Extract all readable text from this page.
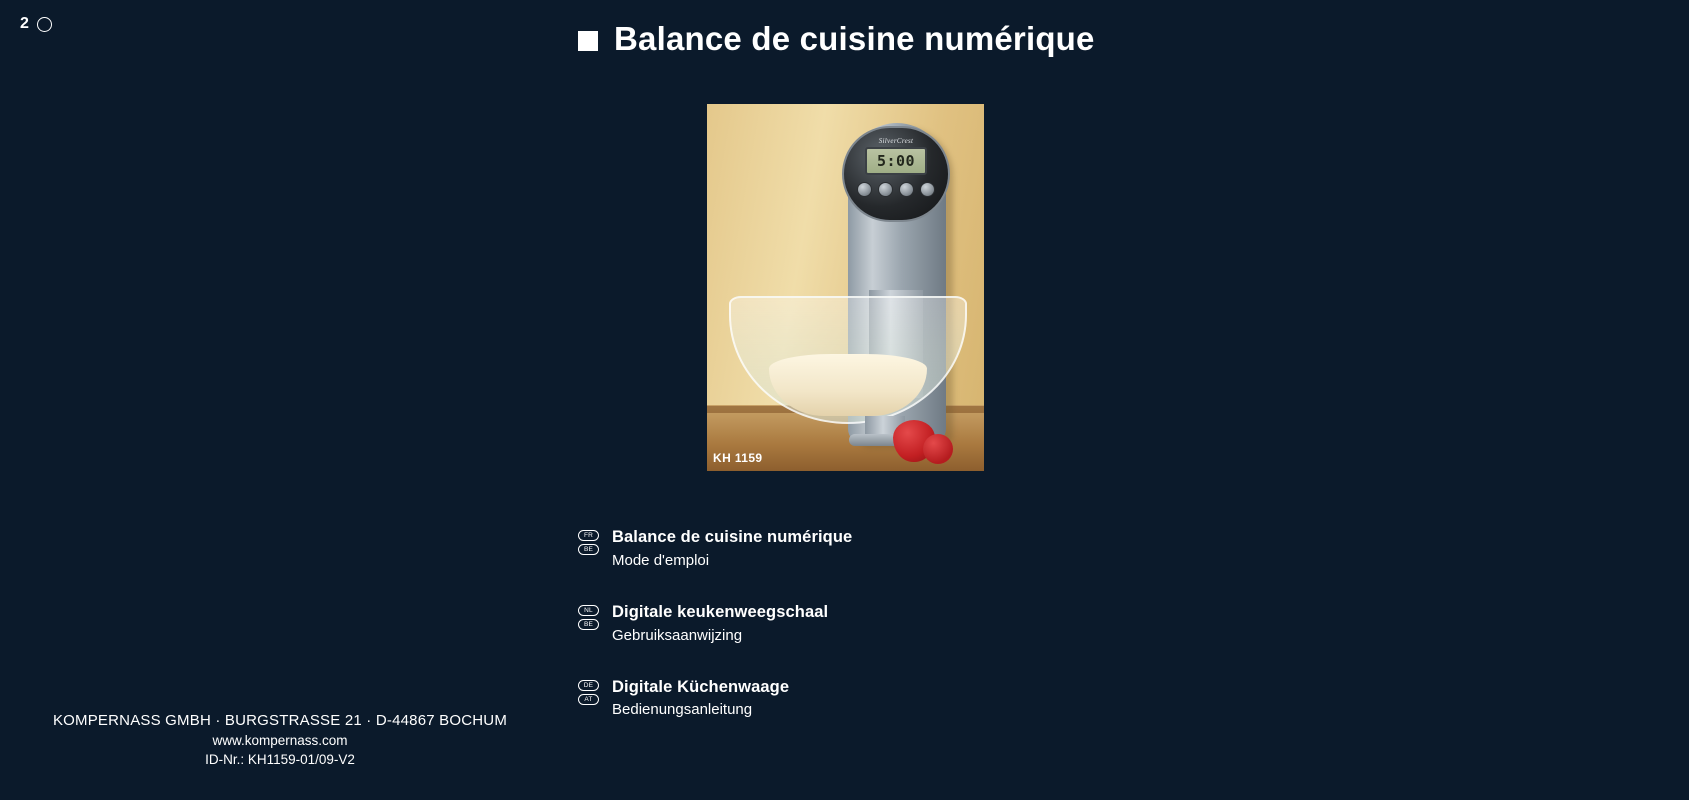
2	Balance de cuisine numérique
SilverCrest
5:00
KH 1159
FR
BE
Balance de cuisine numérique
Mode d'emploi
NL
BE
Digitale keukenweegschaal
Gebruiksaanwijzing
DE
AT
Digitale Küchenwaage
Bedienungsanleitung
KOMPERNASS GMBH · BURGSTRASSE 21 · D-44867 BOCHUM
www.kompernass.com
ID-Nr.: KH1159-01/09-V2
